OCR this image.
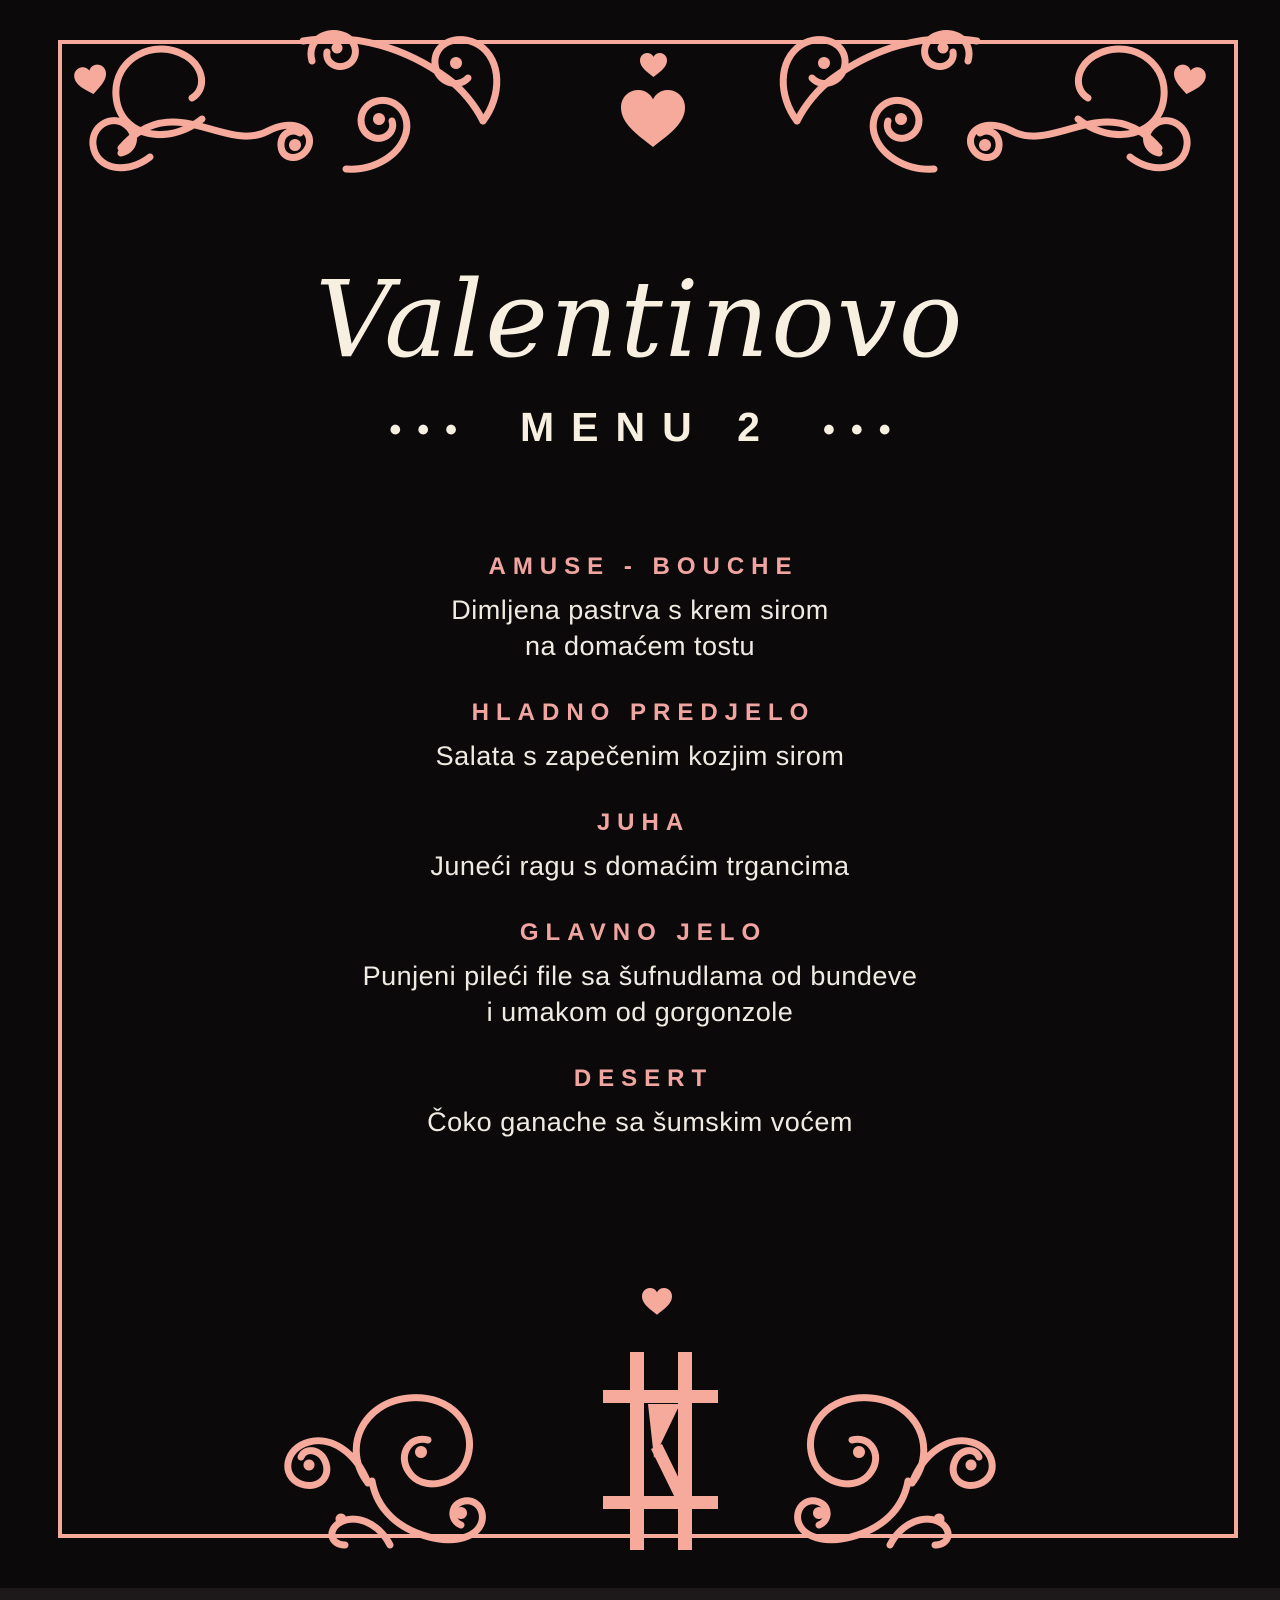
Valentinovo
•••	MENU 2	•••
AMUSE - BOUCHE
Dimljena pastrva s krem sirom
na domaćem tostu
HLADNO PREDJELO
Salata s zapečenim kozjim sirom
JUHA
Juneći ragu s domaćim trgancima
GLAVNO JELO
Punjeni pileći file sa šufnudlama od bundeve
i umakom od gorgonzole
DESERT
Čoko ganache sa šumskim voćem
